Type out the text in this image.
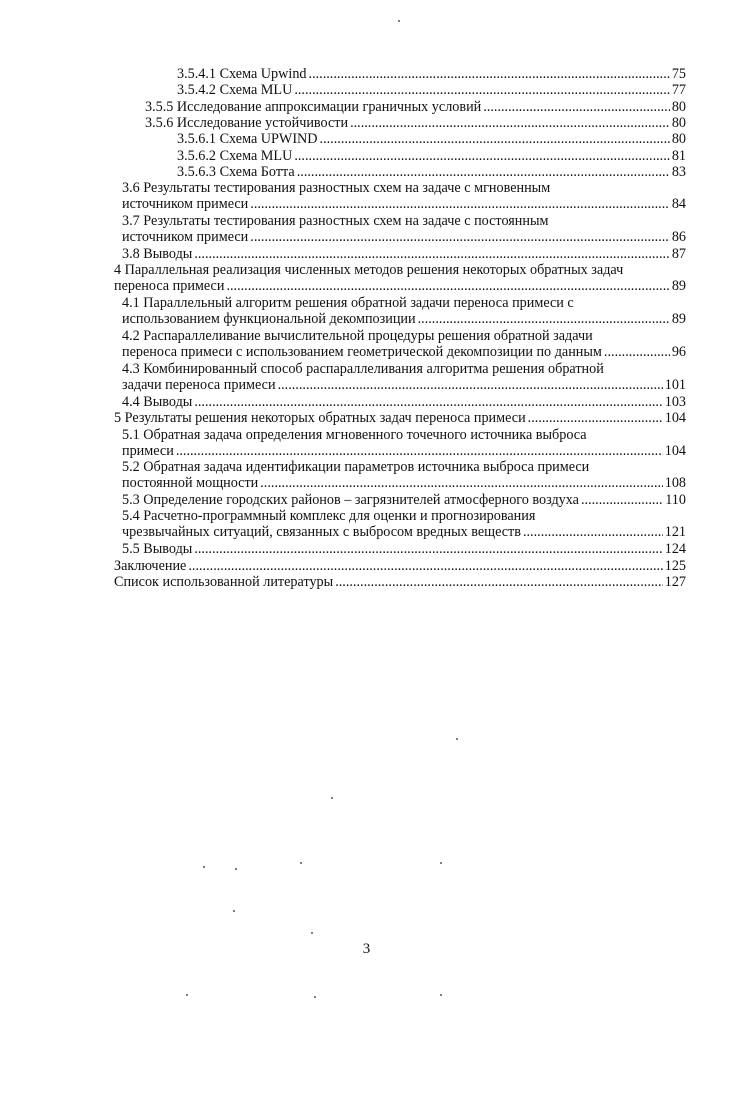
3.5.4.1 Схема Upwind .....	75
3.5.4.2 Схема MLU .....	77
3.5.5 Исследование аппроксимации граничных условий .....	80
3.5.6 Исследование устойчивости .....	80
3.5.6.1 Схема UPWIND .....	80
3.5.6.2 Схема MLU .....	81
3.5.6.3 Схема Ботта .....	83
3.6 Результаты тестирования разностных схем на задаче с мгновенным
источником примеси .....	84
3.7 Результаты тестирования разностных схем на задаче с постоянным
источником примеси .....	86
3.8 Выводы .....	87
4 Параллельная реализация численных методов решения некоторых обратных задач
переноса примеси .....	89
4.1 Параллельный алгоритм решения обратной задачи переноса примеси с
использованием функциональной декомпозиции .....	89
4.2 Распараллеливание вычислительной процедуры решения обратной задачи
переноса примеси с использованием геометрической декомпозиции по данным .....	96
4.3 Комбинированный способ распараллеливания алгоритма решения обратной
задачи переноса примеси .....	101
4.4 Выводы .....	103
5 Результаты решения некоторых обратных задач переноса примеси .....	104
5.1 Обратная задача определения мгновенного точечного источника выброса
примеси .....	104
5.2 Обратная задача идентификации параметров источника выброса примеси
постоянной мощности .....	108
5.3 Определение городских районов – загрязнителей атмосферного воздуха .....	110
5.4 Расчетно-программный комплекс для оценки и прогнозирования
чрезвычайных ситуаций, связанных с выбросом вредных веществ .....	121
5.5 Выводы .....	124
Заключение .....	125
Список использованной литературы .....	127
3
